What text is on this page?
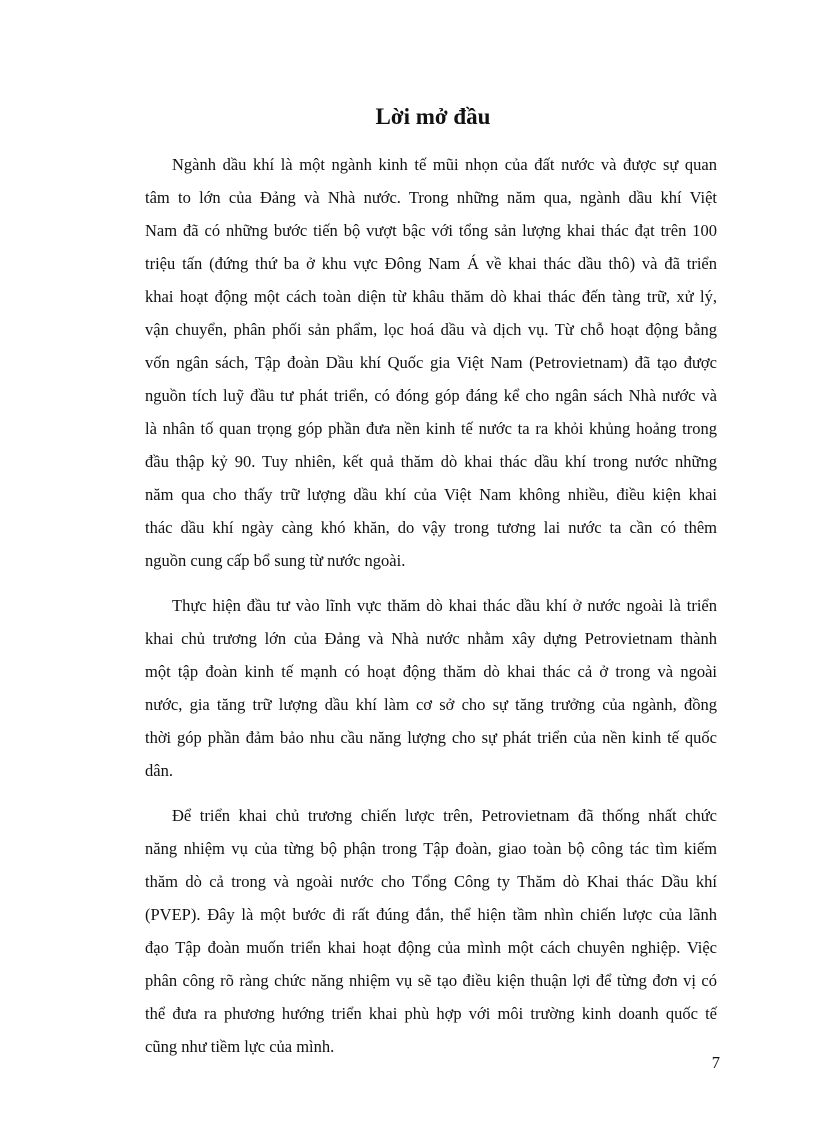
Lời mở đầu
Ngành dầu khí là một ngành kinh tế mũi nhọn của đất nước và được sự quan
tâm to lớn của Đảng và Nhà nước. Trong những năm qua, ngành dầu khí Việt
Nam đã có những bước tiến bộ vượt bậc với tổng sản lượng khai thác đạt trên 100
triệu tấn (đứng thứ ba ở khu vực Đông Nam Á về khai thác dầu thô) và đã triển
khai hoạt động một cách toàn diện từ khâu thăm dò khai thác đến tàng trữ, xử lý,
vận chuyển, phân phối sản phẩm, lọc hoá dầu và dịch vụ. Từ chỗ hoạt động bằng
vốn ngân sách, Tập đoàn Dầu khí Quốc gia Việt Nam (Petrovietnam) đã tạo được
nguồn tích luỹ đầu tư phát triển, có đóng góp đáng kể cho ngân sách Nhà nước và
là nhân tố quan trọng góp phần đưa nền kinh tế nước ta ra khỏi khủng hoảng trong
đầu thập kỷ 90. Tuy nhiên, kết quả thăm dò khai thác dầu khí trong nước những
năm qua cho thấy trữ lượng dầu khí của Việt Nam không nhiều, điều kiện khai
thác dầu khí ngày càng khó khăn, do vậy trong tương lai nước ta cần có thêm
nguồn cung cấp bổ sung từ nước ngoài.
Thực hiện đầu tư vào lĩnh vực thăm dò khai thác dầu khí ở nước ngoài là triển
khai chủ trương lớn của Đảng và Nhà nước nhằm xây dựng Petrovietnam thành
một tập đoàn kinh tế mạnh có hoạt động thăm dò khai thác cả ở trong và ngoài
nước, gia tăng trữ lượng dầu khí làm cơ sở cho sự tăng trưởng của ngành, đồng
thời góp phần đảm bảo nhu cầu năng lượng cho sự phát triển của nền kinh tế quốc
dân.
Để triển khai chủ trương chiến lược trên, Petrovietnam đã thống nhất chức
năng nhiệm vụ của từng bộ phận trong Tập đoàn, giao toàn bộ công tác tìm kiếm
thăm dò cả trong và ngoài nước cho Tổng Công ty Thăm dò Khai thác Dầu khí
(PVEP). Đây là một bước đi rất đúng đắn, thể hiện tầm nhìn chiến lược của lãnh
đạo Tập đoàn muốn triển khai hoạt động của mình một cách chuyên nghiệp. Việc
phân công rõ ràng chức năng nhiệm vụ sẽ tạo điều kiện thuận lợi để từng đơn vị có
thể đưa ra phương hướng triển khai phù hợp với môi trường kinh doanh quốc tế
cũng như tiềm lực của mình.
7
